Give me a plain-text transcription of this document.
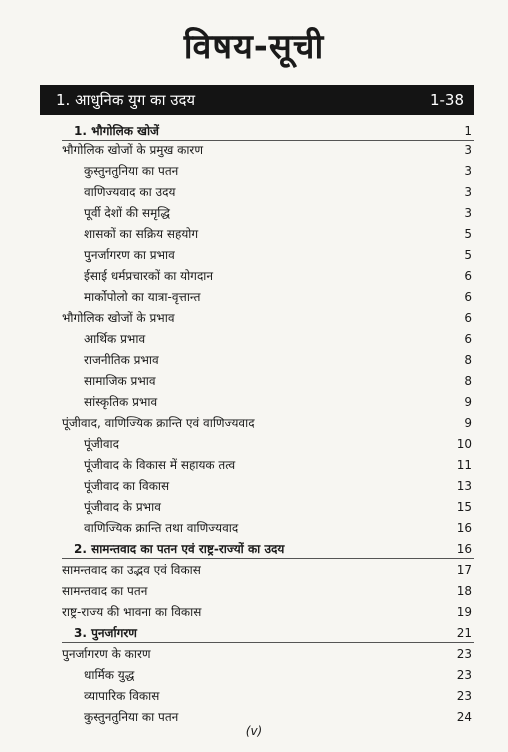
विषय-सूची
1. आधुनिक युग का उदय	1-38
1. भौगोलिक खोजें	1
भौगोलिक खोजों के प्रमुख कारण	3
कुस्तुनतुनिया का पतन	3
वाणिज्यवाद का उदय	3
पूर्वी देशों की समृद्धि	3
शासकों का सक्रिय सहयोग	5
पुनर्जागरण का प्रभाव	5
ईसाई धर्मप्रचारकों का योगदान	6
मार्कोपोलो का यात्रा-वृत्तान्त	6
भौगोलिक खोजों के प्रभाव	6
आर्थिक प्रभाव	6
राजनीतिक प्रभाव	8
सामाजिक प्रभाव	8
सांस्कृतिक प्रभाव	9
पूंजीवाद, वाणिज्यिक क्रान्ति एवं वाणिज्यवाद	9
पूंजीवाद	10
पूंजीवाद के विकास में सहायक तत्व	11
पूंजीवाद का विकास	13
पूंजीवाद के प्रभाव	15
वाणिज्यिक क्रान्ति तथा वाणिज्यवाद	16
2. सामन्तवाद का पतन एवं राष्ट्र-राज्यों का उदय	16
सामन्तवाद का उद्भव एवं विकास	17
सामन्तवाद का पतन	18
राष्ट्र-राज्य की भावना का विकास	19
3. पुनर्जागरण	21
पुनर्जागरण के कारण	23
धार्मिक युद्ध	23
व्यापारिक विकास	23
कुस्तुनतुनिया का पतन	24
(v)
